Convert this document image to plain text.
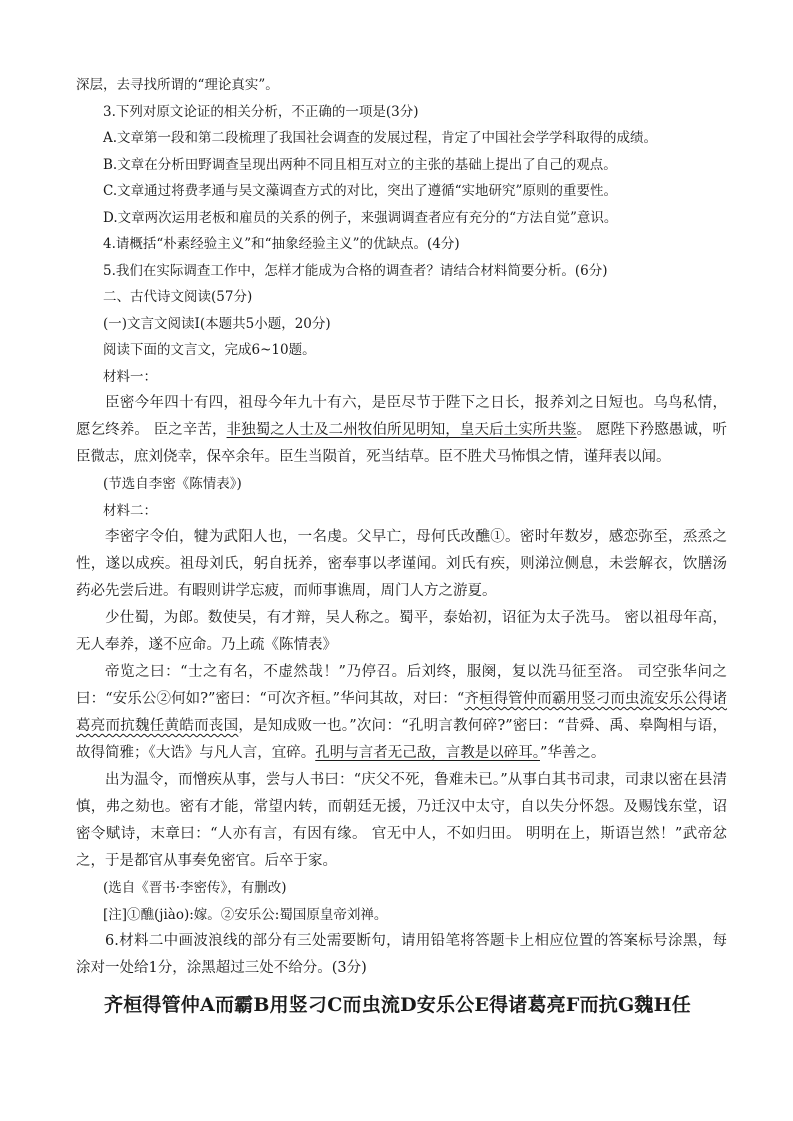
深层，去寻找所谓的“理论真实”。
3.下列对原文论证的相关分析，不正确的一项是(3分)
A.文章第一段和第二段梳理了我国社会调查的发展过程，肯定了中国社会学学科取得的成绩。
B.文章在分析田野调查呈现出两种不同且相互对立的主张的基础上提出了自己的观点。
C.文章通过将费孝通与吴文藻调查方式的对比，突出了遵循“实地研究”原则的重要性。
D.文章两次运用老板和雇员的关系的例子，来强调调查者应有充分的“方法自觉”意识。
4.请概括“朴素经验主义”和“抽象经验主义”的优缺点。(4分)
5.我们在实际调查工作中，怎样才能成为合格的调查者？请结合材料简要分析。(6分)
二、古代诗文阅读(57分)
(一)文言文阅读Ⅰ(本题共5小题，20分)
阅读下面的文言文，完成6~10题。
材料一：

臣密今年四十有四，祖母今年九十有六，是臣尽节于陛下之日长，报养刘之日短也。乌鸟私情，愿乞终养。 臣之辛苦，非独蜀之人士及二州牧伯所见明知，皇天后土实所共鉴。 愿陛下矜愍愚诚，听臣微志，庶刘侥幸，保卒余年。臣生当陨首，死当结草。臣不胜犬马怖惧之情，谨拜表以闻。

(节选自李密《陈情表》)
材料二：

李密字令伯，犍为武阳人也，一名虔。父早亡，母何氏改醮①。密时年数岁，感恋弥至，烝烝之性，遂以成疾。祖母刘氏，躬自抚养，密奉事以孝谨闻。刘氏有疾，则涕泣侧息，未尝解衣，饮膳汤药必先尝后进。有暇则讲学忘疲，而师事谯周，周门人方之游夏。

少仕蜀，为郎。数使吴，有才辩，吴人称之。蜀平，泰始初，诏征为太子洗马。 密以祖母年高，无人奉养，遂不应命。乃上疏《陈情表》

帝览之曰：“士之有名，不虚然哉！”乃停召。后刘终，服阕，复以洗马征至洛。 司空张华问之曰：“安乐公②何如?”密曰：“可次齐桓。”华问其故，对曰：“齐桓得管仲而霸用竖刁而虫流安乐公得诸葛亮而抗魏任黄皓而丧国，是知成败一也。”次问：“孔明言教何碎?”密曰：“昔舜、禹、皋陶相与语，故得简雅；《大诰》与凡人言，宜碎。孔明与言者无己敌，言教是以碎耳。”华善之。

出为温令，而憎疾从事，尝与人书曰：“庆父不死，鲁难未已。”从事白其书司隶，司隶以密在县清慎，弗之劾也。密有才能，常望内转，而朝廷无援，乃迁汉中太守，自以失分怀怨。及赐饯东堂，诏密令赋诗，末章曰：“人亦有言，有因有缘。 官无中人，不如归田。 明明在上，斯语岂然！”武帝忿之，于是都官从事奏免密官。后卒于家。

(选自《晋书·李密传》，有删改)
[注]①醮(jiào):嫁。②安乐公:蜀国原皇帝刘禅。

6.材料二中画波浪线的部分有三处需要断句，请用铅笔将答题卡上相应位置的答案标号涂黑，每涂对一处给1分，涂黑超过三处不给分。(3分)

齐桓得管仲A而霸B用竖刁C而虫流D安乐公E得诸葛亮F而抗G魏H任
